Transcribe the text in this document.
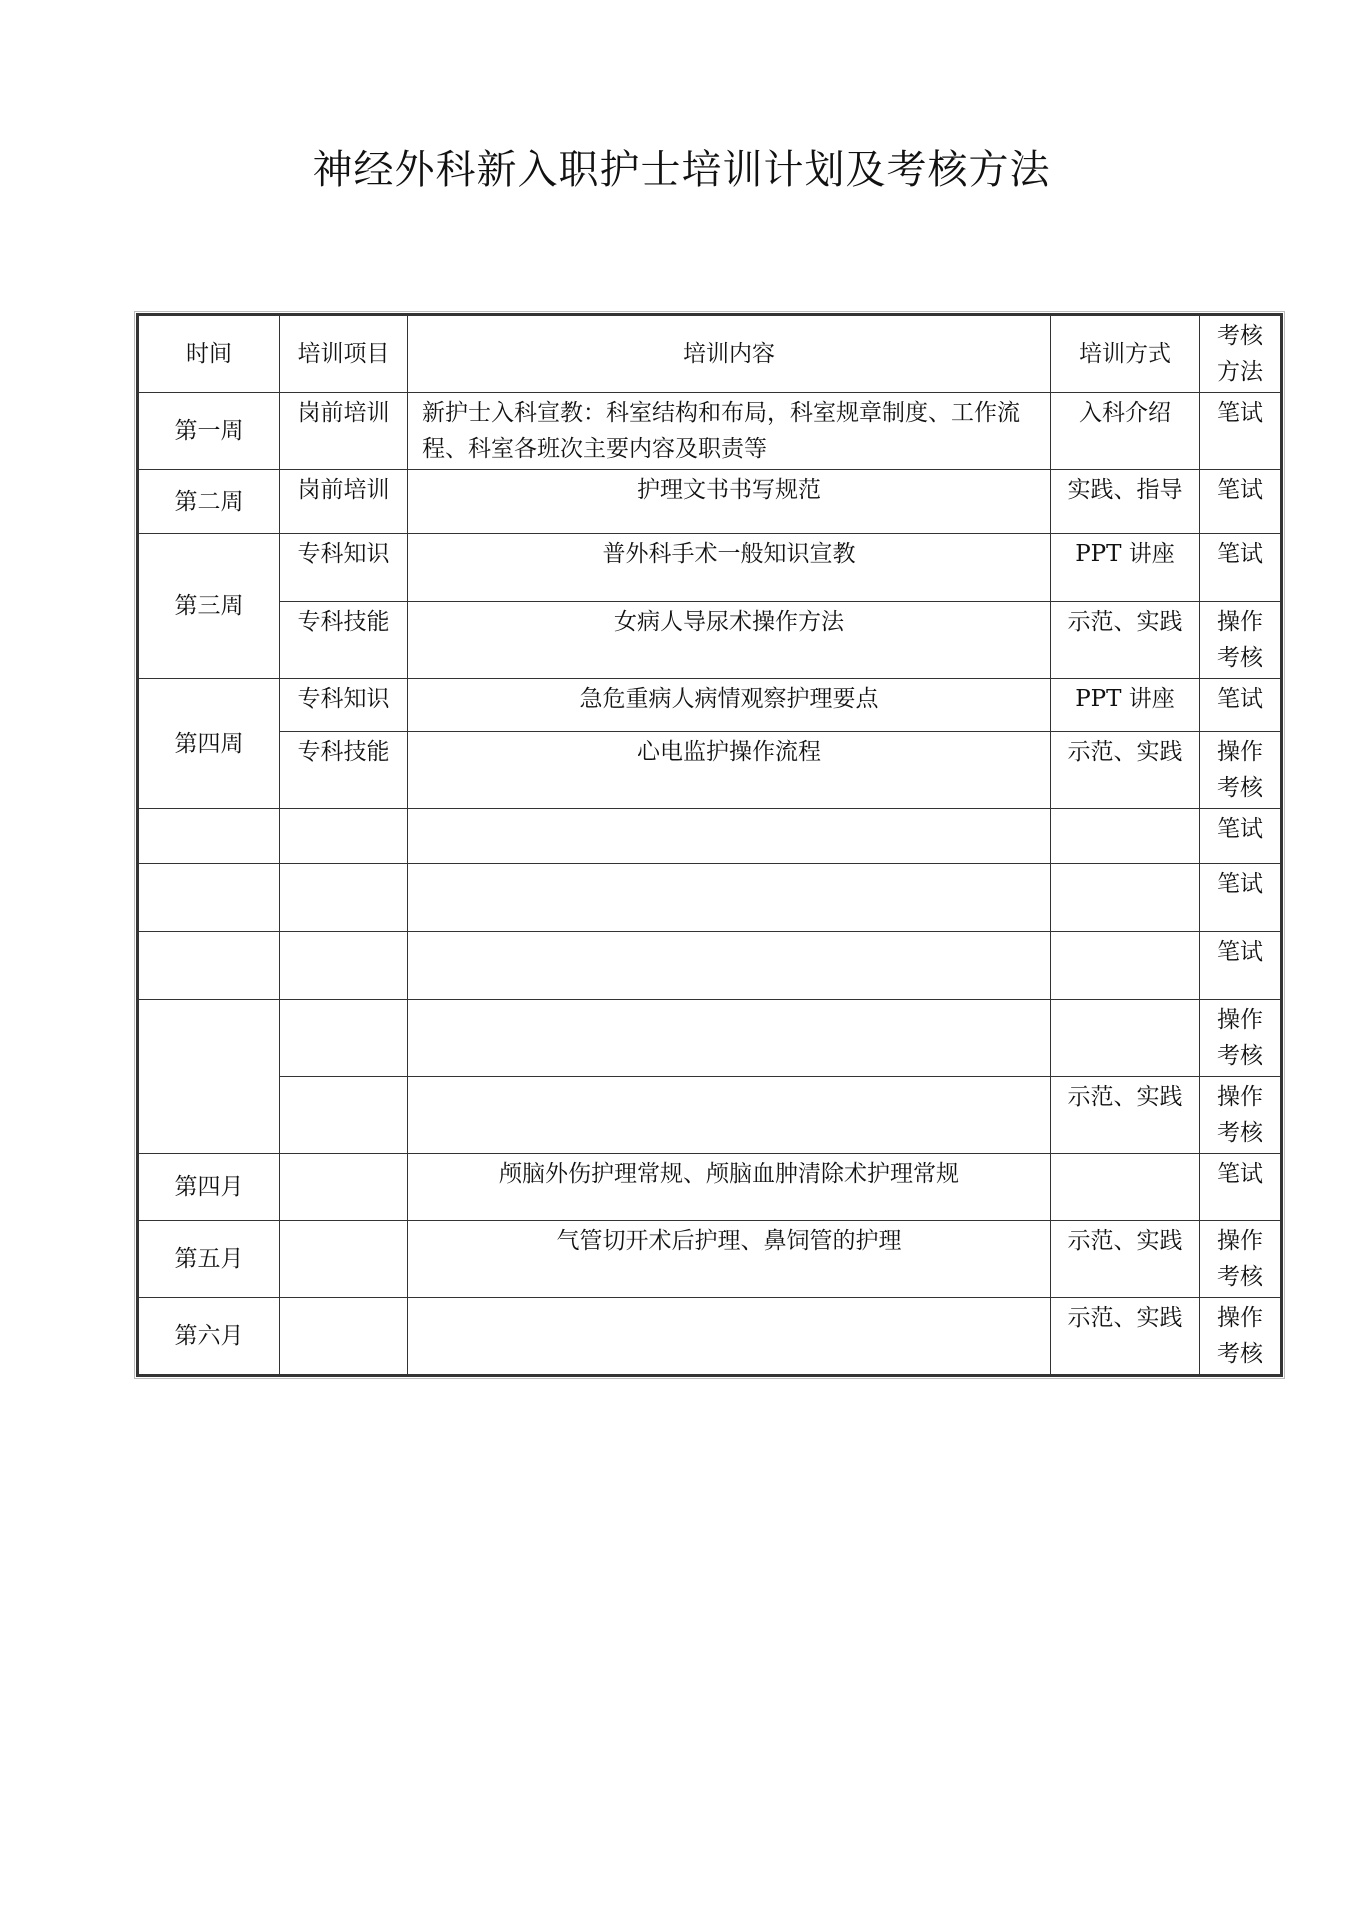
神经外科新入职护士培训计划及考核方法
时间	培训项目	培训内容	培训方式	考核方法
第一周	岗前培训	新护士入科宣教：科室结构和布局，科室规章制度、工作流程、科室各班次主要内容及职责等	入科介绍	笔试
第二周	岗前培训	护理文书书写规范	实践、指导	笔试
第三周	专科知识	普外科手术一般知识宣教	PPT 讲座	笔试
	专科技能	女病人导尿术操作方法	示范、实践	操作考核
第四周	专科知识	急危重病人病情观察护理要点	PPT 讲座	笔试
	专科技能	心电监护操作流程	示范、实践	操作考核
				笔试
				笔试
				笔试
				操作考核
			示范、实践	操作考核
第四月		颅脑外伤护理常规、颅脑血肿清除术护理常规		笔试
第五月		气管切开术后护理、鼻饲管的护理	示范、实践	操作考核
第六月			示范、实践	操作考核
